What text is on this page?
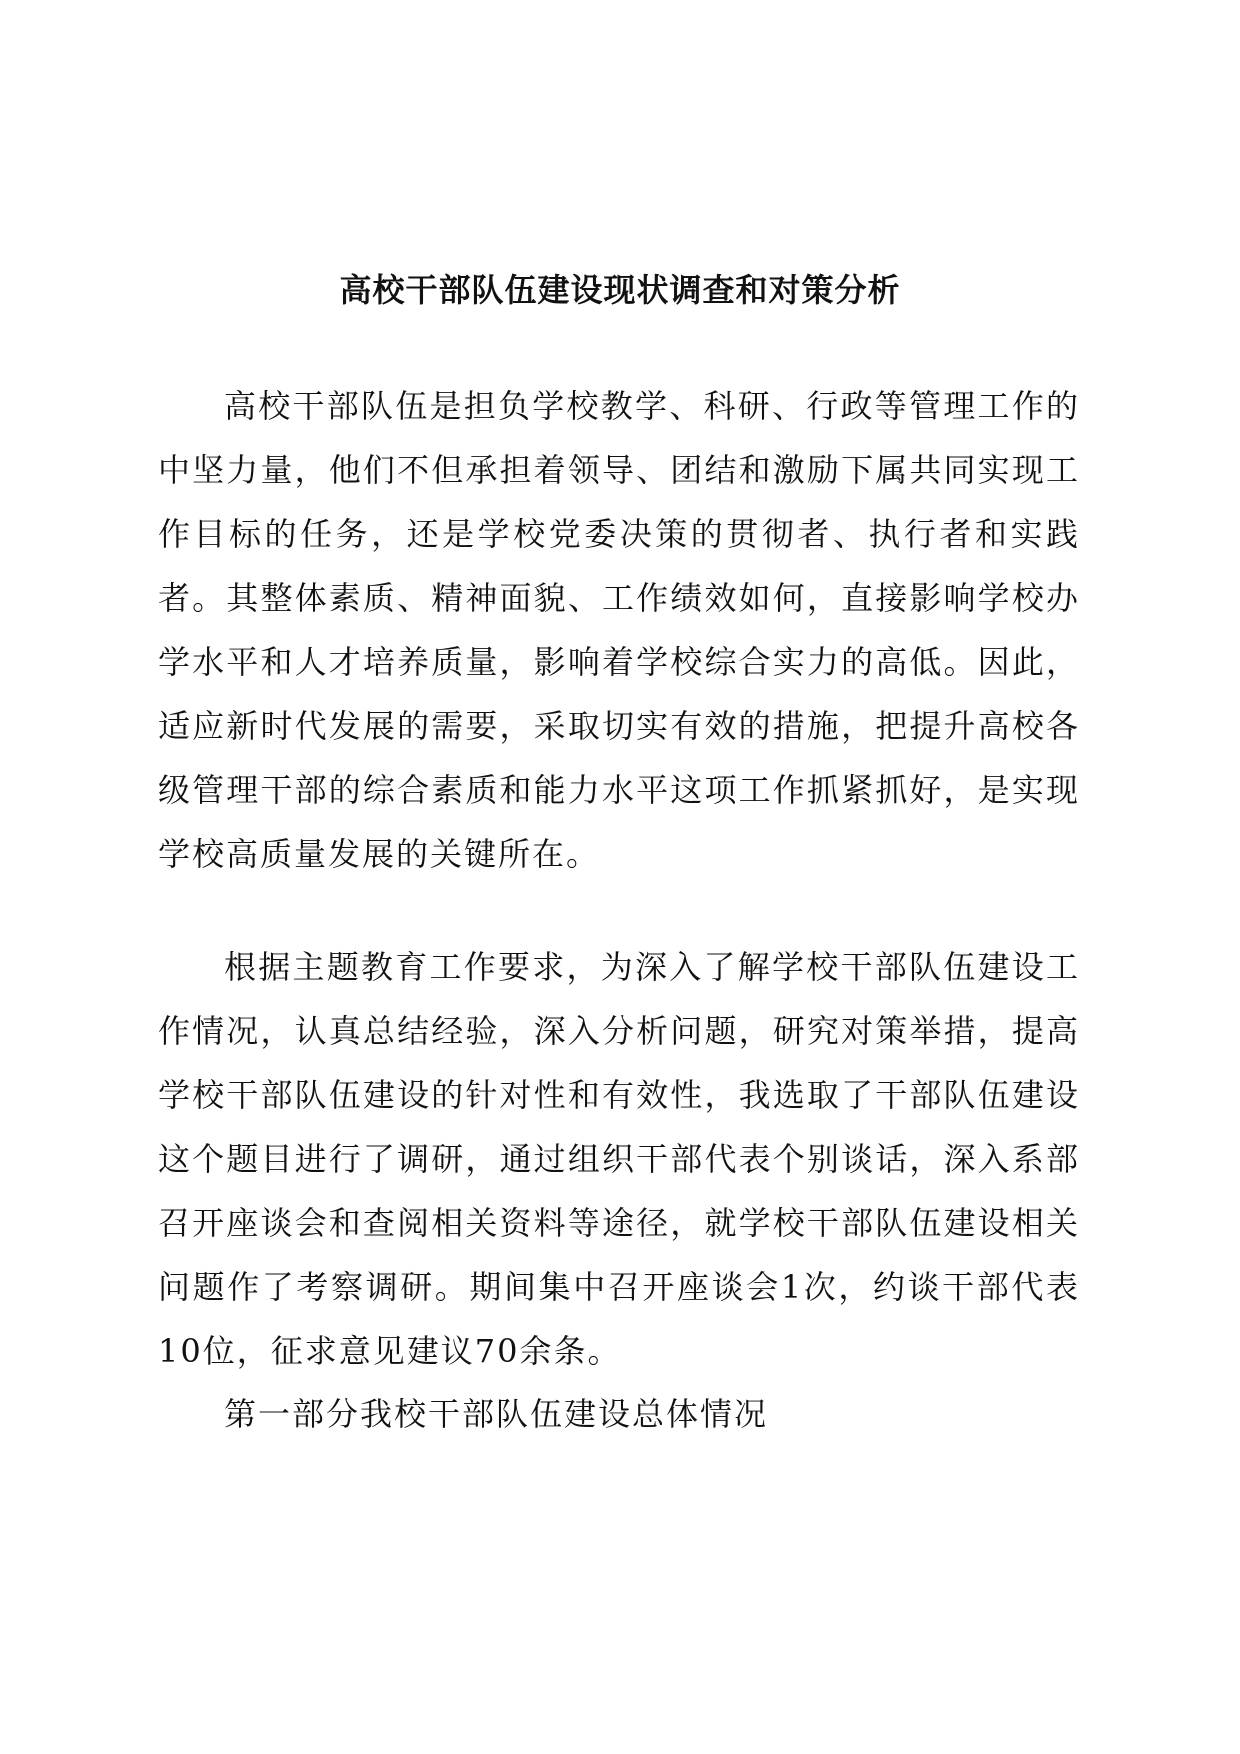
高校干部队伍建设现状调查和对策分析

高校干部队伍是担负学校教学、科研、行政等管理工作的中坚力量，他们不但承担着领导、团结和激励下属共同实现工作目标的任务，还是学校党委决策的贯彻者、执行者和实践者。其整体素质、精神面貌、工作绩效如何，直接影响学校办学水平和人才培养质量，影响着学校综合实力的高低。因此，适应新时代发展的需要，采取切实有效的措施，把提升高校各级管理干部的综合素质和能力水平这项工作抓紧抓好，是实现学校高质量发展的关键所在。

根据主题教育工作要求，为深入了解学校干部队伍建设工作情况，认真总结经验，深入分析问题，研究对策举措，提高学校干部队伍建设的针对性和有效性，我选取了干部队伍建设这个题目进行了调研，通过组织干部代表个别谈话，深入系部召开座谈会和查阅相关资料等途径，就学校干部队伍建设相关问题作了考察调研。期间集中召开座谈会1次，约谈干部代表10位，征求意见建议70余条。

第一部分我校干部队伍建设总体情况
